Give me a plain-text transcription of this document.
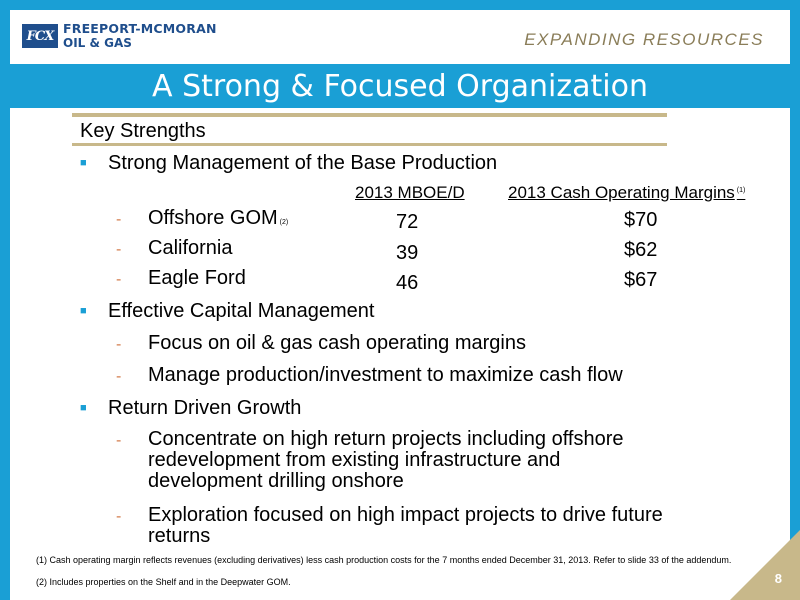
FCX FREEPORT-MCMORAN
OIL & GAS	EXPANDING RESOURCES
A Strong & Focused Organization
Key Strengths
■	Strong Management of the Base Production
2013 MBOE/D	2013 Cash Operating Margins $^{(1)}$
-	Offshore GOM $^{(2)}$	72	$70
-	California	39	$62
-	Eagle Ford	46	$67
■	Effective Capital Management
-	Focus on oil & gas cash operating margins
-	Manage production/investment to maximize cash flow
■	Return Driven Growth
-	Concentrate on high return projects including offshore redevelopment from existing infrastructure and development drilling onshore
-	Exploration focused on high impact projects to drive future returns
(1) Cash operating margin reflects revenues (excluding derivatives) less cash production costs for the 7 months ended December 31, 2013. Refer to slide 33 of the addendum.
(2) Includes properties on the Shelf and in the Deepwater GOM.	8
